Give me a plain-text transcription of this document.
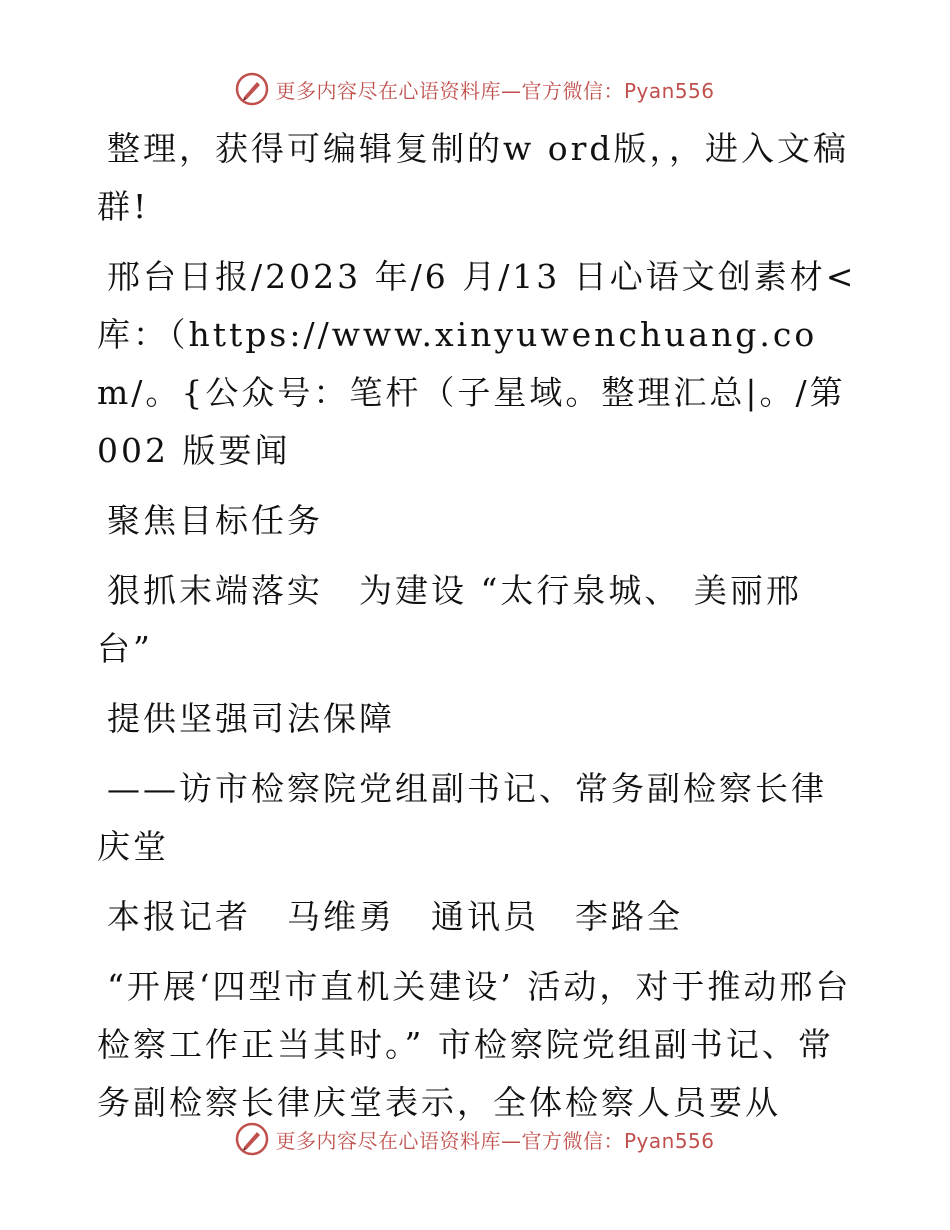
更多内容尽在心语资料库—官方微信：Pyan556

整理，获得可编辑复制的w ord版，，进入文稿群!

邢台日报/2023 年/6 月/13 日心语文创素材<库：（https://www.xinyuwenchuang.com/。{公众号：笔杆（子星域。整理汇总|。/第 002 版要闻

聚焦目标任务

狠抓末端落实　为建设 “太行泉城、 美丽邢台”

提供坚强司法保障

——访市检察院党组副书记、常务副检察长律庆堂

本报记者　马维勇　通讯员　李路全

“开展‘四型市直机关建设’ 活动，对于推动邢台检察工作正当其时。” 市检察院党组副书记、常务副检察长律庆堂表示，全体检察人员要从

更多内容尽在心语资料库—官方微信：Pyan556
